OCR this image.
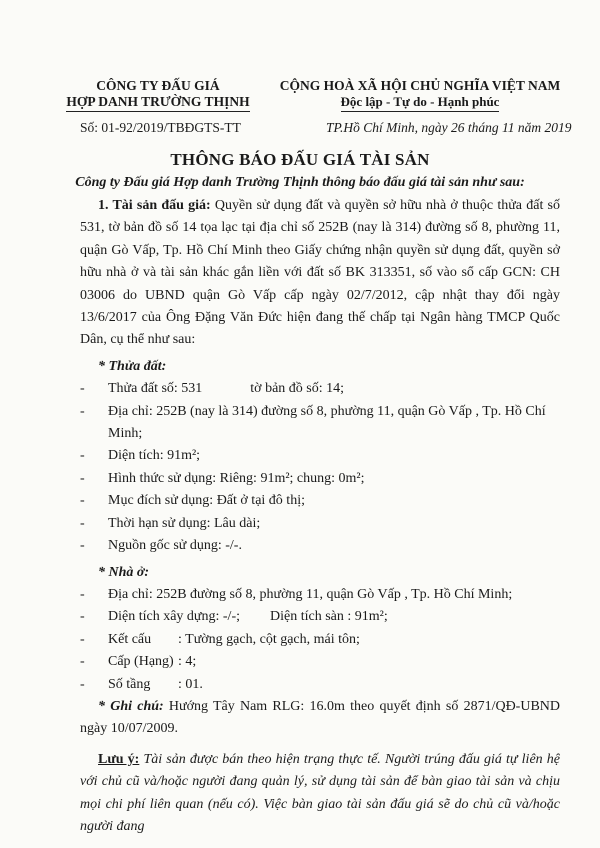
CÔNG TY ĐẤU GIÁ
HỢP DANH TRƯỜNG THỊNH
CỘNG HOÀ XÃ HỘI CHỦ NGHĨA VIỆT NAM
Độc lập - Tự do - Hạnh phúc
Số: 01-92/2019/TBĐGTS-TT	TP.Hồ Chí Minh, ngày 26 tháng 11 năm 2019
THÔNG BÁO ĐẤU GIÁ TÀI SẢN
Công ty Đấu giá Hợp danh Trường Thịnh thông báo đấu giá tài sản như sau:

1. Tài sản đấu giá: Quyền sử dụng đất và quyền sở hữu nhà ở thuộc thửa đất số 531, tờ bản đồ số 14 tọa lạc tại địa chỉ số 252B (nay là 314) đường số 8, phường 11, quận Gò Vấp, Tp. Hồ Chí Minh theo Giấy chứng nhận quyền sử dụng đất, quyền sở hữu nhà ở và tài sản khác gắn liền với đất số BK 313351, số vào sổ cấp GCN: CH 03006 do UBND quận Gò Vấp cấp ngày 02/7/2012, cập nhật thay đổi ngày 13/6/2017 của Ông Đặng Văn Đức hiện đang thế chấp tại Ngân hàng TMCP Quốc Dân, cụ thể như sau:

* Thửa đất:

-	Thửa đất số: 531	tờ bản đồ số: 14;
-	Địa chỉ: 252B (nay là 314) đường số 8, phường 11, quận Gò Vấp , Tp. Hồ Chí Minh;
-	Diện tích: 91m²;
-	Hình thức sử dụng: Riêng: 91m²; chung: 0m²;
-	Mục đích sử dụng: Đất ở tại đô thị;
-	Thời hạn sử dụng: Lâu dài;
-	Nguồn gốc sử dụng: -/-.

* Nhà ở:

-	Địa chỉ: 252B đường số 8, phường 11, quận Gò Vấp , Tp. Hồ Chí Minh;
-	Diện tích xây dựng: -/-; Diện tích sàn : 91m²;
-	Kết cấu : Tường gạch, cột gạch, mái tôn;
-	Cấp (Hạng) : 4;
-	Số tầng : 01.

* Ghi chú: Hướng Tây Nam RLG: 16.0m theo quyết định số 2871/QĐ-UBND ngày 10/07/2009.

Lưu ý: Tài sản được bán theo hiện trạng thực tế. Người trúng đấu giá tự liên hệ với chủ cũ và/hoặc người đang quản lý, sử dụng tài sản để bàn giao tài sản và chịu mọi chi phí liên quan (nếu có). Việc bàn giao tài sản đấu giá sẽ do chủ cũ và/hoặc người đang
